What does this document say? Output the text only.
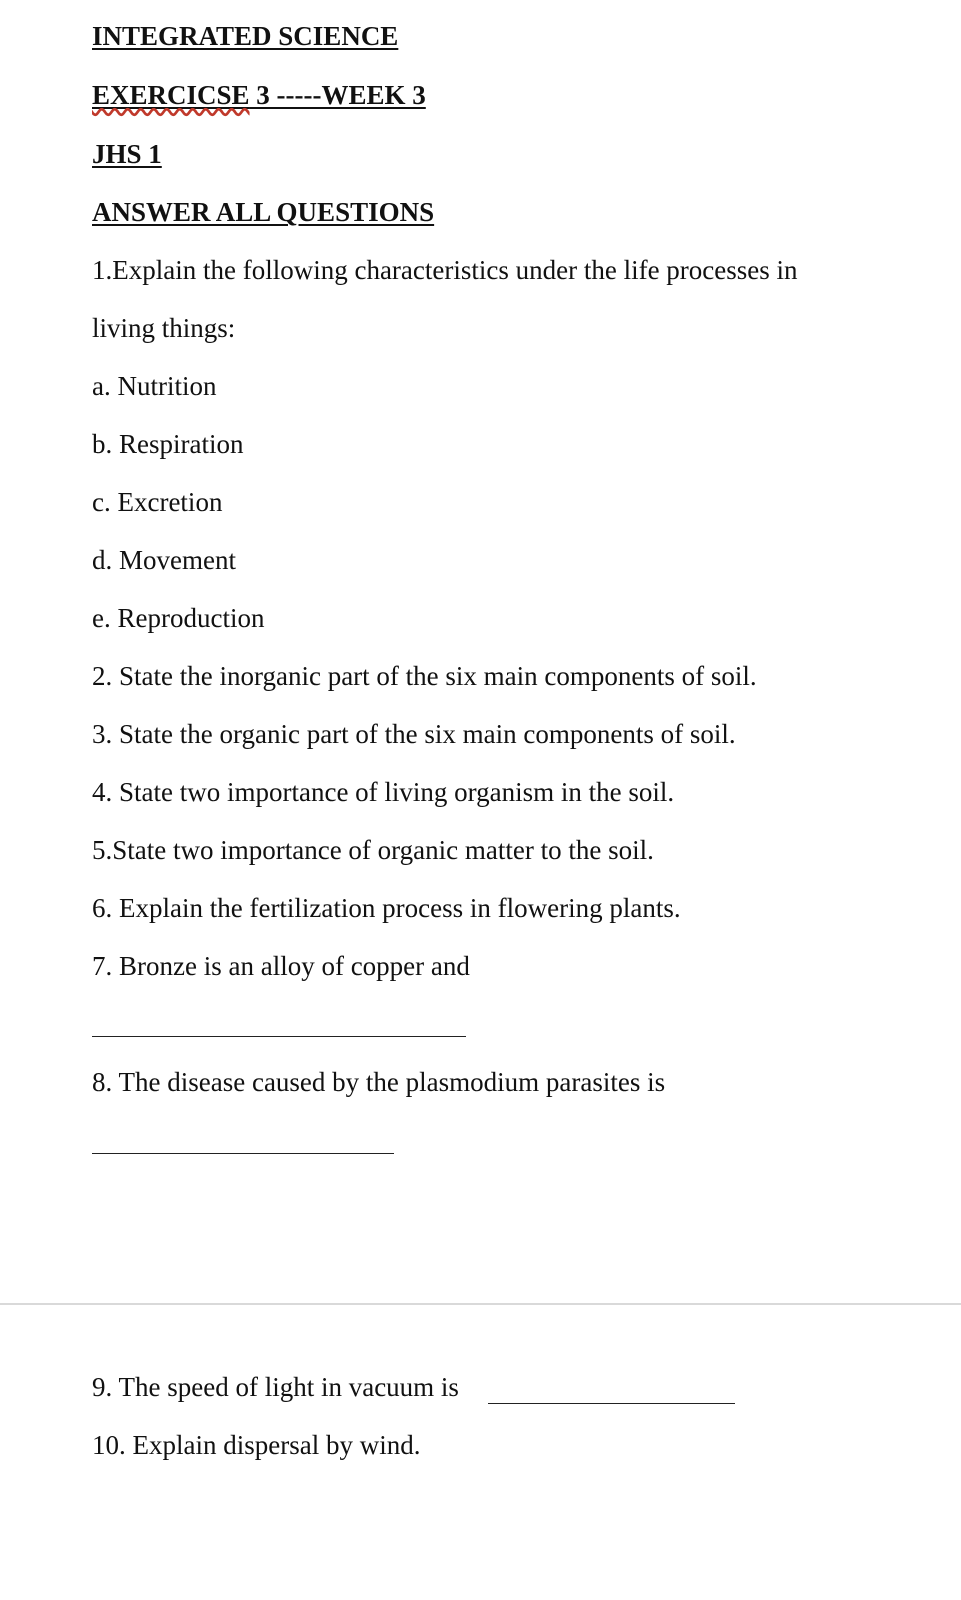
INTEGRATED SCIENCE
EXERCICSE 3 -----WEEK 3
JHS 1
ANSWER ALL QUESTIONS
1.Explain the following characteristics under the life processes in
living things:
a. Nutrition
b. Respiration
c. Excretion
d. Movement
e. Reproduction
2. State the inorganic part of the six main components of soil.
3. State the organic part of the six main components of soil.
4. State two importance of living organism in the soil.
5.State two importance of organic matter to the soil.
6. Explain the fertilization process in flowering plants.
7. Bronze is an alloy of copper and
8. The disease caused by the plasmodium parasites is
9. The speed of light in vacuum is
10. Explain dispersal by wind.
